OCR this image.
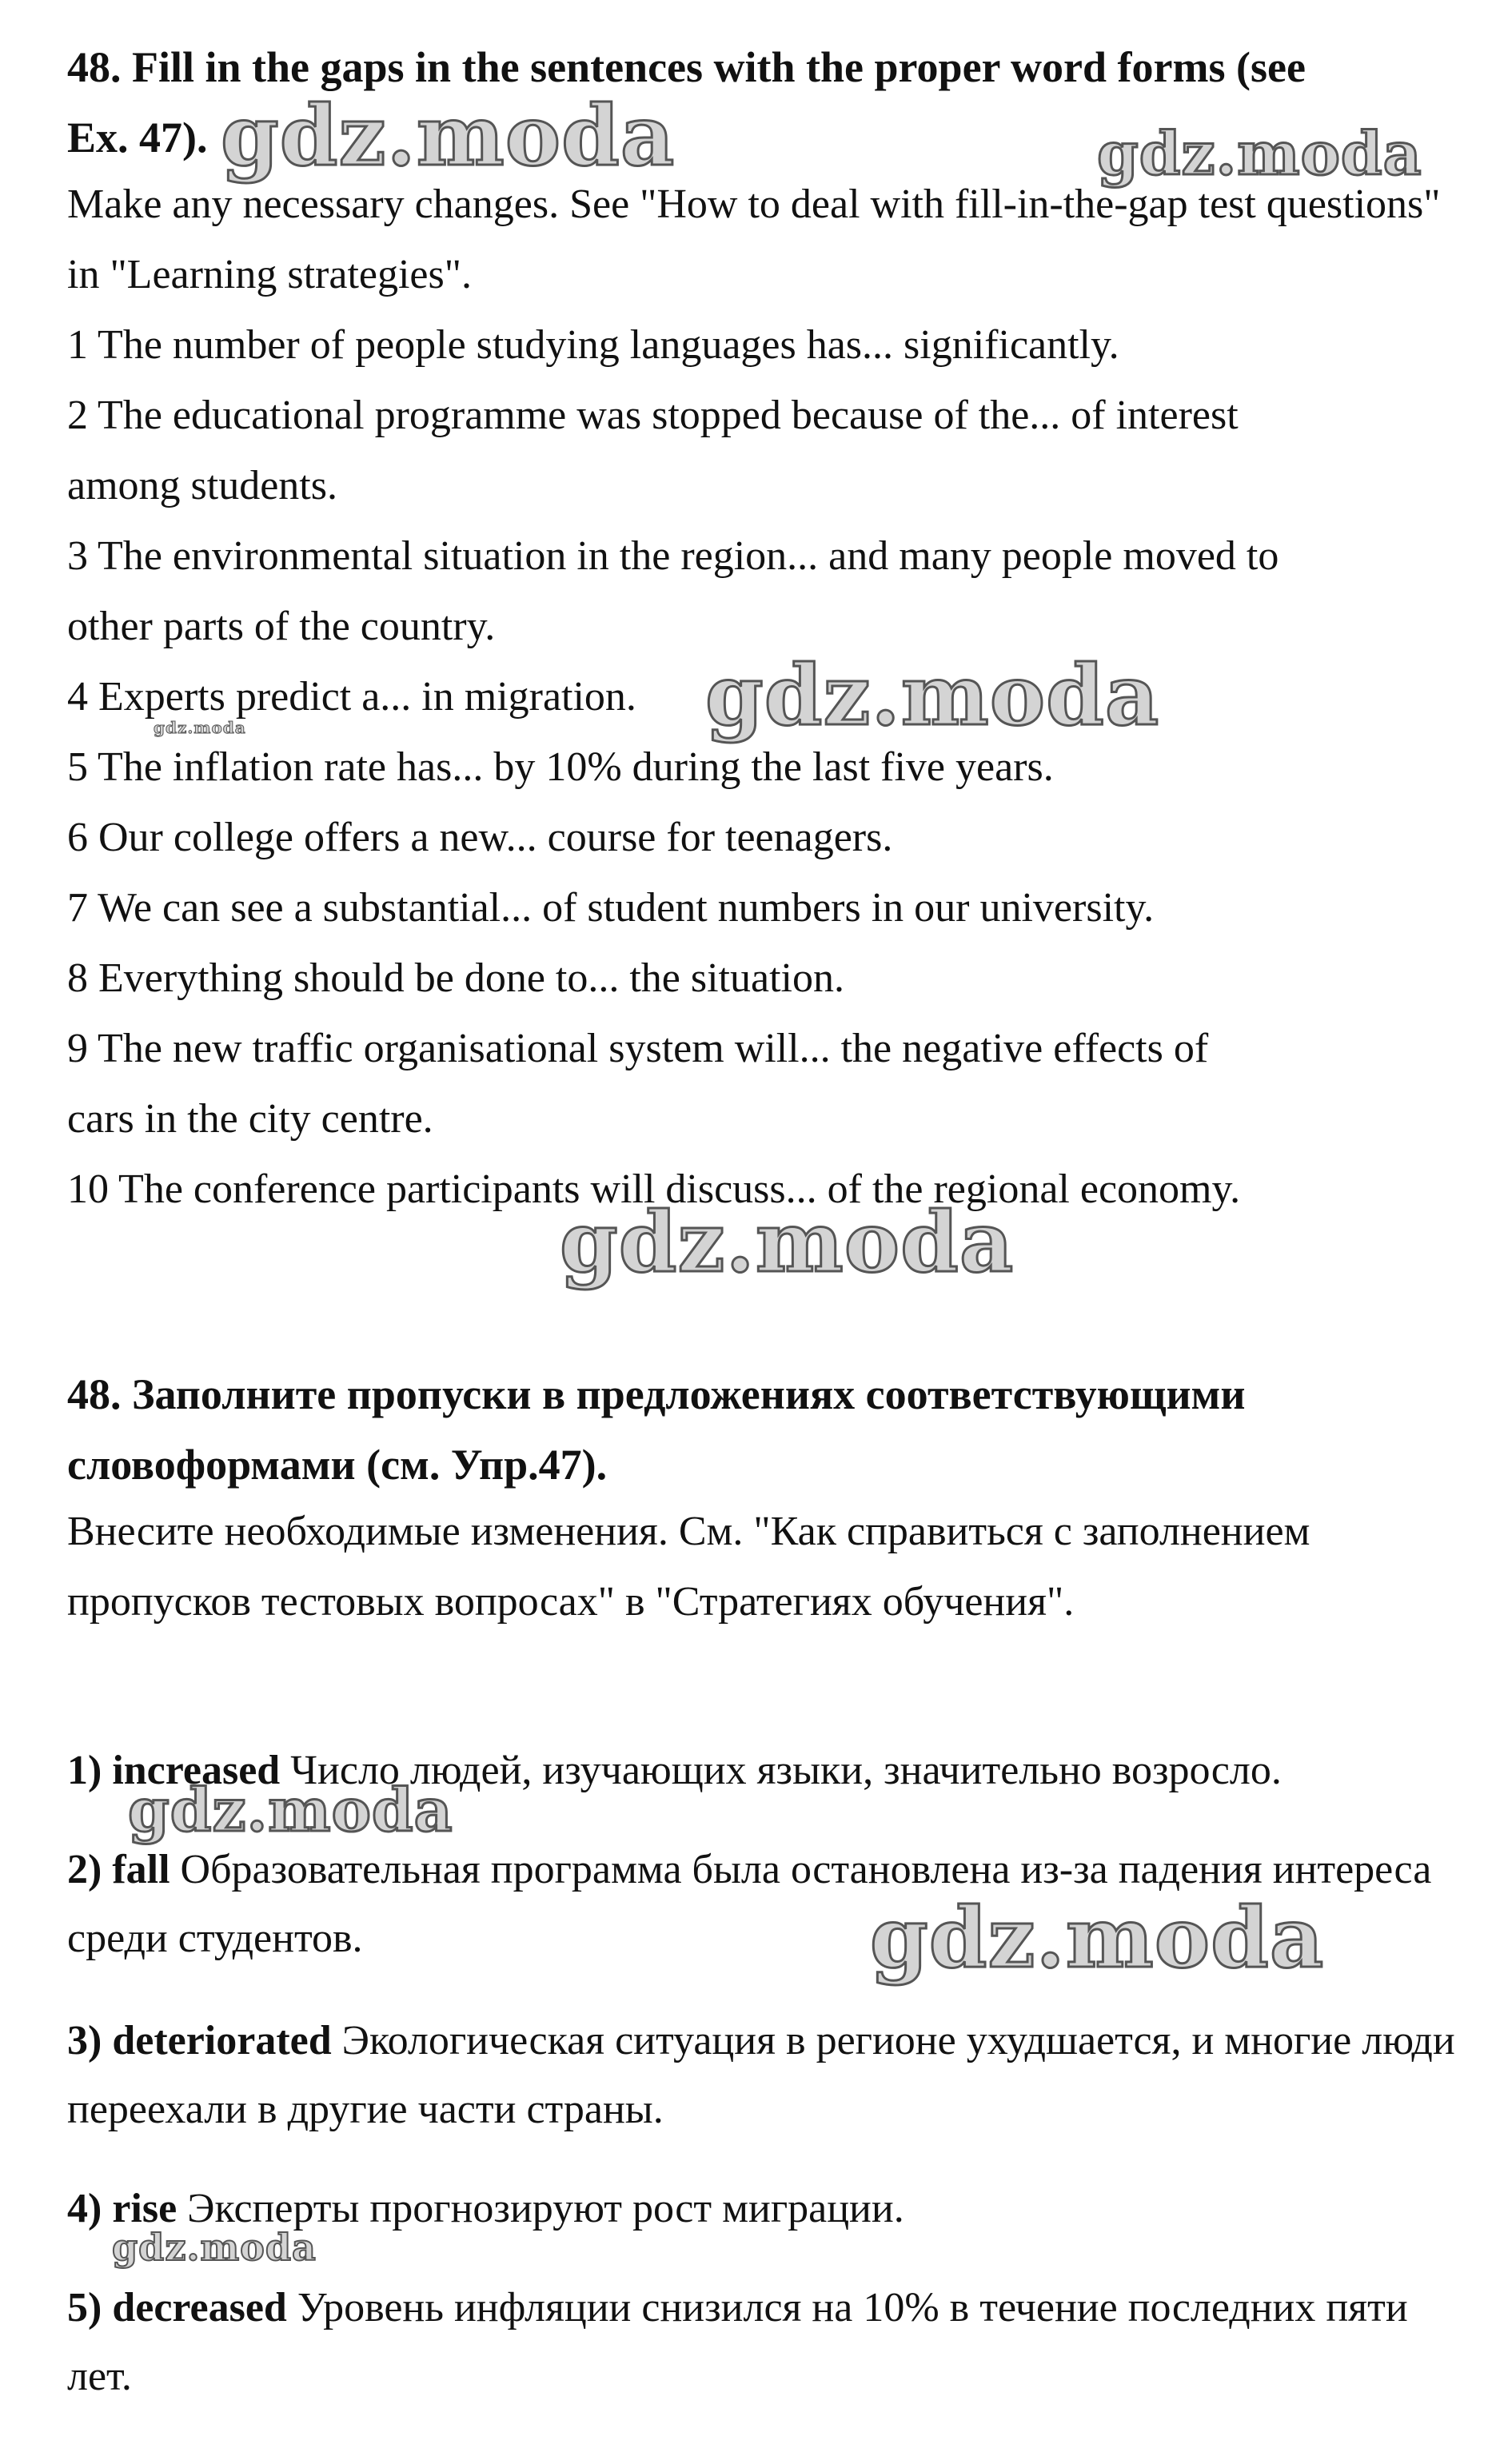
48. Fill in the gaps in the sentences with the proper word forms (see
Ex. 47).
Make any necessary changes. See "How to deal with fill-in-the-gap test questions" in "Learning strategies".
1 The number of people studying languages has... significantly.
2 The educational programme was stopped because of the... of interest
among students.
3 The environmental situation in the region... and many people moved to
other parts of the country.
4 Experts predict a... in migration.
5 The inflation rate has... by 10% during the last five years.
6 Our college offers a new... course for teenagers.
7 We can see a substantial... of student numbers in our university.
8 Everything should be done to... the situation.
9 The new traffic organisational system will... the negative effects of
cars in the city centre.
10 The conference participants will discuss... of the regional economy.
48. Заполните пропуски в предложениях соответствующими словоформами (см. Упр.47).
Внесите необходимые изменения. См. "Как справиться с заполнением пропусков тестовых вопросах" в "Стратегиях обучения".
1) increased Число людей, изучающих языки, значительно возросло.
2) fall Образовательная программа была остановлена из-за падения интереса среди студентов.
3) deteriorated Экологическая ситуация в регионе ухудшается, и многие люди переехали в другие части страны.
4) rise Эксперты прогнозируют рост миграции.
5) decreased Уровень инфляции снизился на 10% в течение последних пяти лет.
gdz.moda	gdz.moda
gdz.moda
gdz.moda
gdz.moda
gdz.moda
gdz.moda
gdz.moda
